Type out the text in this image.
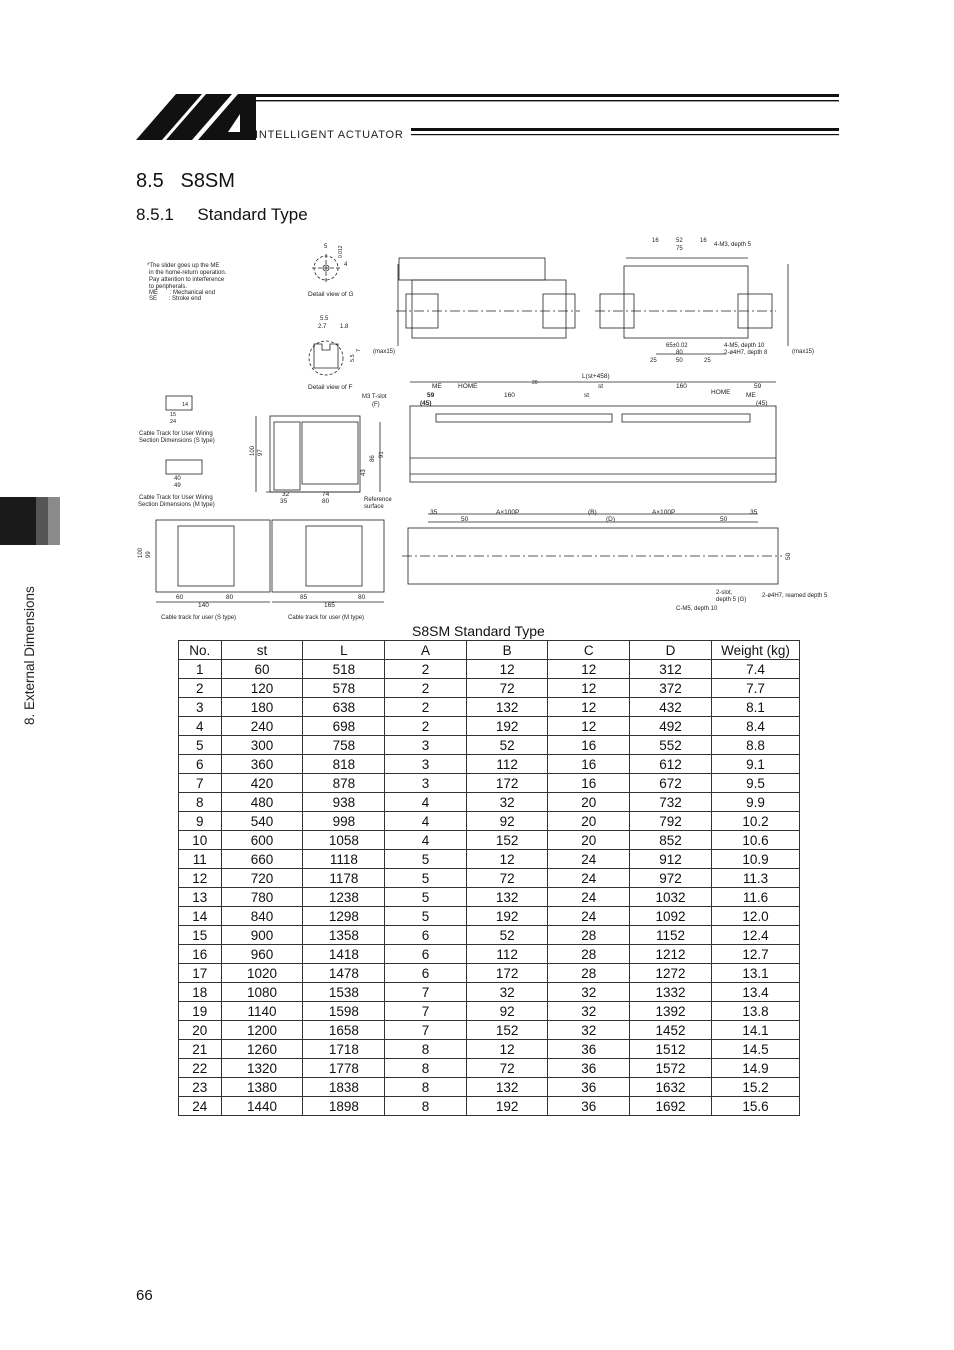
INTELLIGENT ACTUATOR
8.5   S8SM
8.5.1     Standard Type
8. External Dimensions
*The slider goes up the ME
in the home-return operation.
Pay attention to interference
to peripherals.
ME       : Mechanical end
SE       : Stroke end
Detail view of G
Detail view of F
5 0.012
4
5.5
2.7 1.8
5.5
7
M3 T-slot
(F)
(max15)	(max15)
16	52	16
75
4-M3, depth 5
65±0.02
80
25	50	25
4-M5, depth 10
2-ø4H7, depth 8
L(st+458)
ME	HOME	20	st	160	59
59	160	st	HOME ME
(45)	(45)
Cable Track for User Wiring
Section Dimensions (S type)
Cable Track for User Wiring
Section Dimensions (M type)
14
15
24
40
49
100 97	91
86
43
32	74
35	80	Reference
surface
35
50
A×100P	(B)
(D)
A×100P
50
35
50
2-slot,
depth 5 (G)
2-ø4H7, reamed depth 5
C-M5, depth 10
100 99
60	80
140
85	80
165
Cable track for user (S type)	Cable track for user (M type)
S8SM Standard Type
No.	st	L	A	B	C	D	Weight (kg)
1	60	518	2	12	12	312	7.4
2	120	578	2	72	12	372	7.7
3	180	638	2	132	12	432	8.1
4	240	698	2	192	12	492	8.4
5	300	758	3	52	16	552	8.8
6	360	818	3	112	16	612	9.1
7	420	878	3	172	16	672	9.5
8	480	938	4	32	20	732	9.9
9	540	998	4	92	20	792	10.2
10	600	1058	4	152	20	852	10.6
11	660	1118	5	12	24	912	10.9
12	720	1178	5	72	24	972	11.3
13	780	1238	5	132	24	1032	11.6
14	840	1298	5	192	24	1092	12.0
15	900	1358	6	52	28	1152	12.4
16	960	1418	6	112	28	1212	12.7
17	1020	1478	6	172	28	1272	13.1
18	1080	1538	7	32	32	1332	13.4
19	1140	1598	7	92	32	1392	13.8
20	1200	1658	7	152	32	1452	14.1
21	1260	1718	8	12	36	1512	14.5
22	1320	1778	8	72	36	1572	14.9
23	1380	1838	8	132	36	1632	15.2
24	1440	1898	8	192	36	1692	15.6
66
